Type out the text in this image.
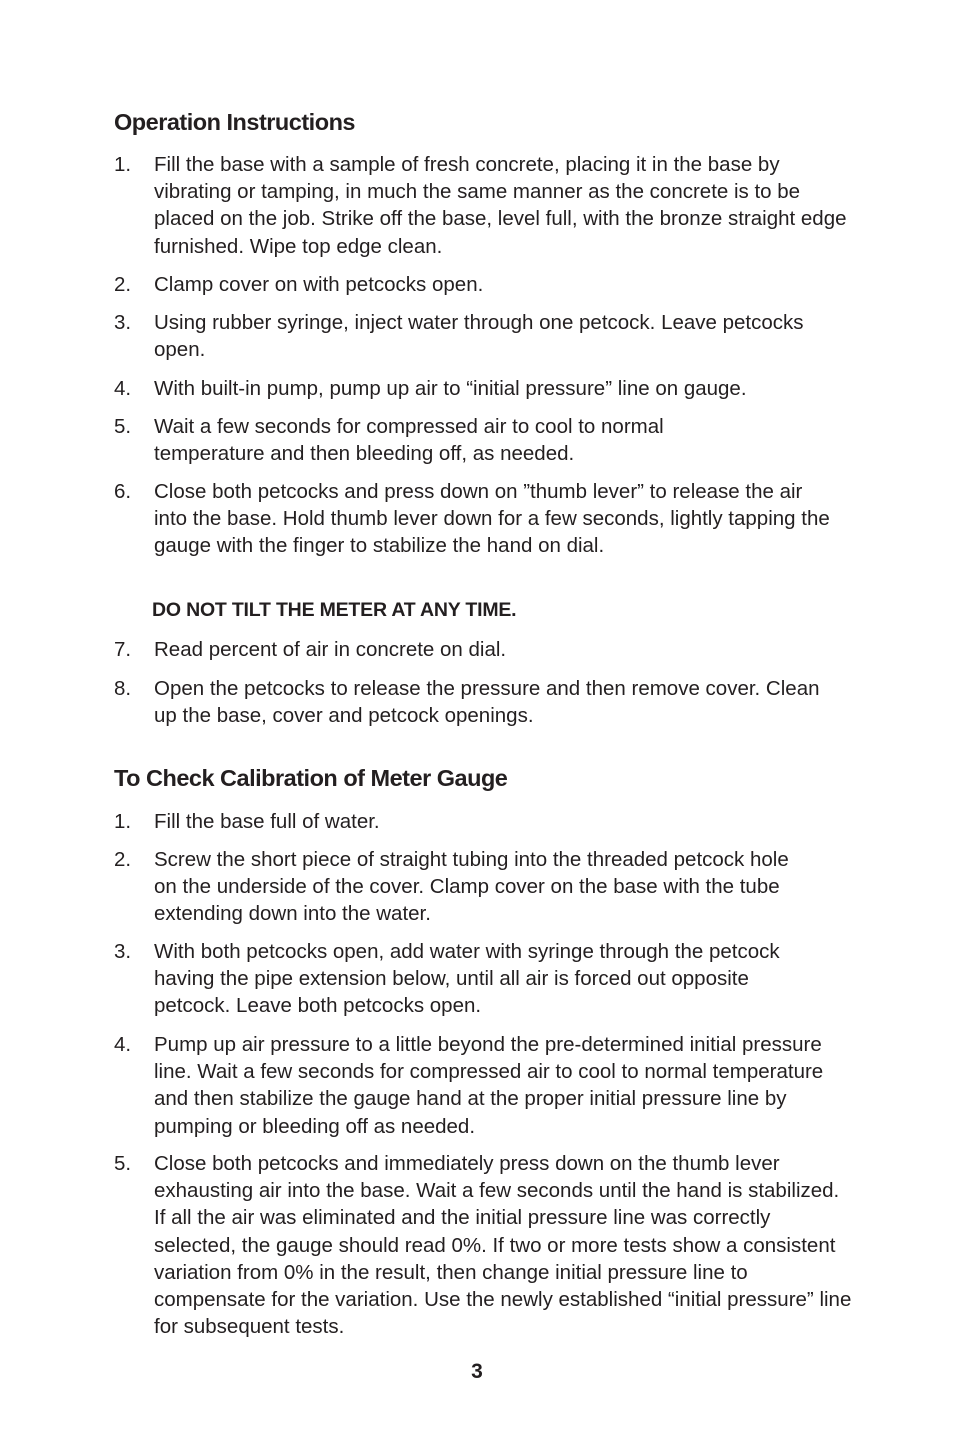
Operation Instructions
1.	Fill the base with a sample of fresh concrete, placing it in the base by vibrating or tamping, in much the same manner as the concrete is to be placed on the job. Strike off the base, level full, with the bronze straight edge furnished. Wipe top edge clean.
2.	Clamp cover on with petcocks open.
3.	Using rubber syringe, inject water through one petcock. Leave petcocks open.
4.	With built-in pump, pump up air to “initial pressure” line on gauge.
5.	Wait a few seconds for compressed air to cool to normal temperature and then bleeding off, as needed.
6.	Close both petcocks and press down on ”thumb lever” to release the air into the base. Hold thumb lever down for a few seconds, lightly tapping the gauge with the finger to stabilize the hand on dial.
DO NOT TILT THE METER AT ANY TIME.
7.	Read percent of air in concrete on dial.
8.	Open the petcocks to release the pressure and then remove cover. Clean up the base, cover and petcock openings.
To Check Calibration of Meter Gauge
1.	Fill the base full of water.
2.	Screw the short piece of straight tubing into the threaded petcock hole on the underside of the cover. Clamp cover on the base with the tube extending down into the water.
3.	With both petcocks open, add water with syringe through the petcock having the pipe extension below, until all air is forced out opposite petcock. Leave both petcocks open.
4.	Pump up air pressure to a little beyond the pre-determined initial pressure line. Wait a few seconds for compressed air to cool to normal temperature and then stabilize the gauge hand at the proper initial pressure line by pumping or bleeding off as needed.
5.	Close both petcocks and immediately press down on the thumb lever exhausting air into the base. Wait a few seconds until the hand is stabilized. If all the air was eliminated and the initial pressure line was correctly selected, the gauge should read 0%. If two or more tests show a consistent variation from 0% in the result, then change initial pressure line to compensate for the variation. Use the newly established “initial pressure” line for subsequent tests.
3
